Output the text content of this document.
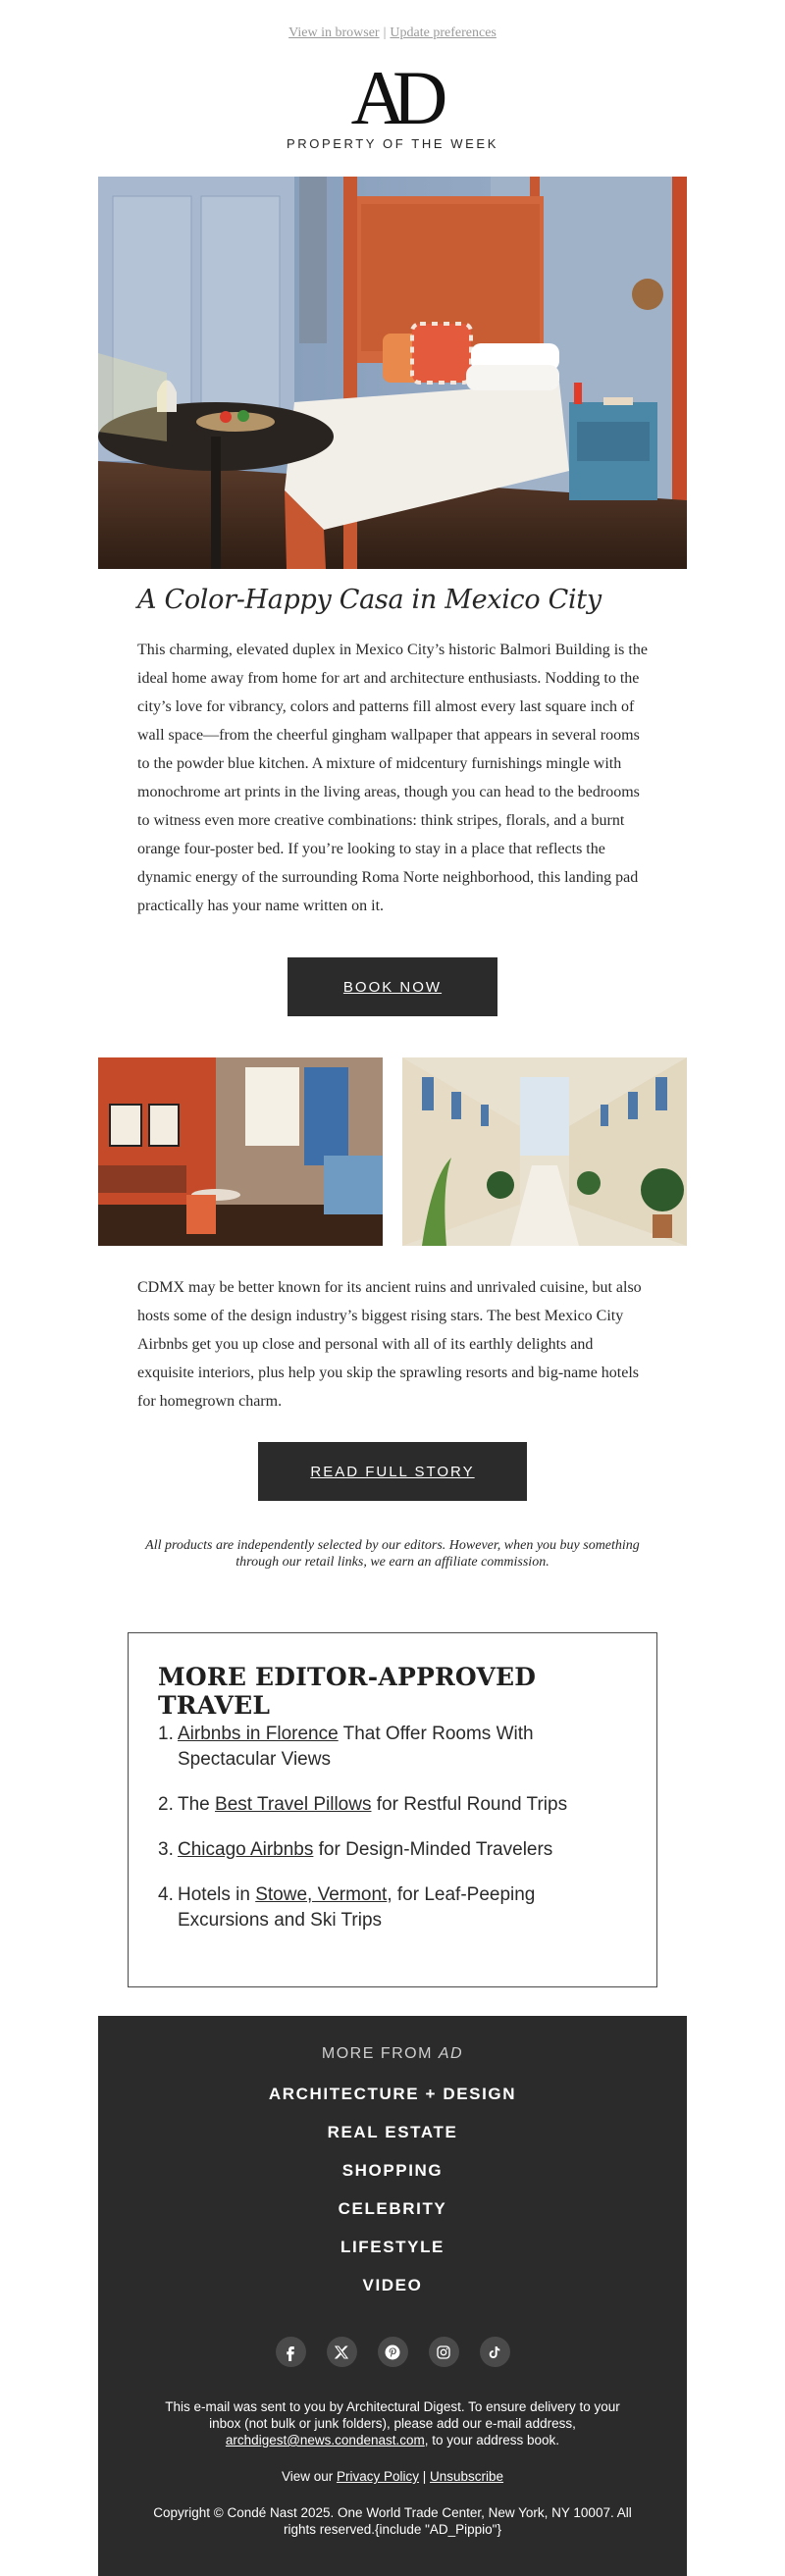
View in browser | Update preferences
AD
PROPERTY OF THE WEEK
A Color-Happy Casa in Mexico City

This charming, elevated duplex in Mexico City’s historic Balmori Building is the ideal home away from home for art and architecture enthusiasts. Nodding to the city’s love for vibrancy, colors and patterns fill almost every last square inch of wall space—from the cheerful gingham wallpaper that appears in several rooms to the powder blue kitchen. A mixture of midcentury furnishings mingle with monochrome art prints in the living areas, though you can head to the bedrooms to witness even more creative combinations: think stripes, florals, and a burnt orange four-poster bed. If you’re looking to stay in a place that reflects the dynamic energy of the surrounding Roma Norte neighborhood, this landing pad practically has your name written on it.

BOOK NOW

CDMX may be better known for its ancient ruins and unrivaled cuisine, but also hosts some of the design industry’s biggest rising stars. The best Mexico City Airbnbs get you up close and personal with all of its earthly delights and exquisite interiors, plus help you skip the sprawling resorts and big-name hotels for homegrown charm.

READ FULL STORY

All products are independently selected by our editors. However, when you buy something through our retail links, we earn an affiliate commission.

MORE EDITOR-APPROVED TRAVEL
1. Airbnbs in Florence That Offer Rooms With Spectacular Views
2. The Best Travel Pillows for Restful Round Trips
3. Chicago Airbnbs for Design-Minded Travelers
4. Hotels in Stowe, Vermont, for Leaf-Peeping Excursions and Ski Trips
MORE FROM AD
ARCHITECTURE + DESIGN
REAL ESTATE
SHOPPING
CELEBRITY
LIFESTYLE
VIDEO
This e-mail was sent to you by Architectural Digest. To ensure delivery to your inbox (not bulk or junk folders), please add our e-mail address, archdigest@news.condenast.com, to your address book.
View our Privacy Policy | Unsubscribe
Copyright © Condé Nast 2025. One World Trade Center, New York, NY 10007. All rights reserved.{include "AD_Pippio"}
